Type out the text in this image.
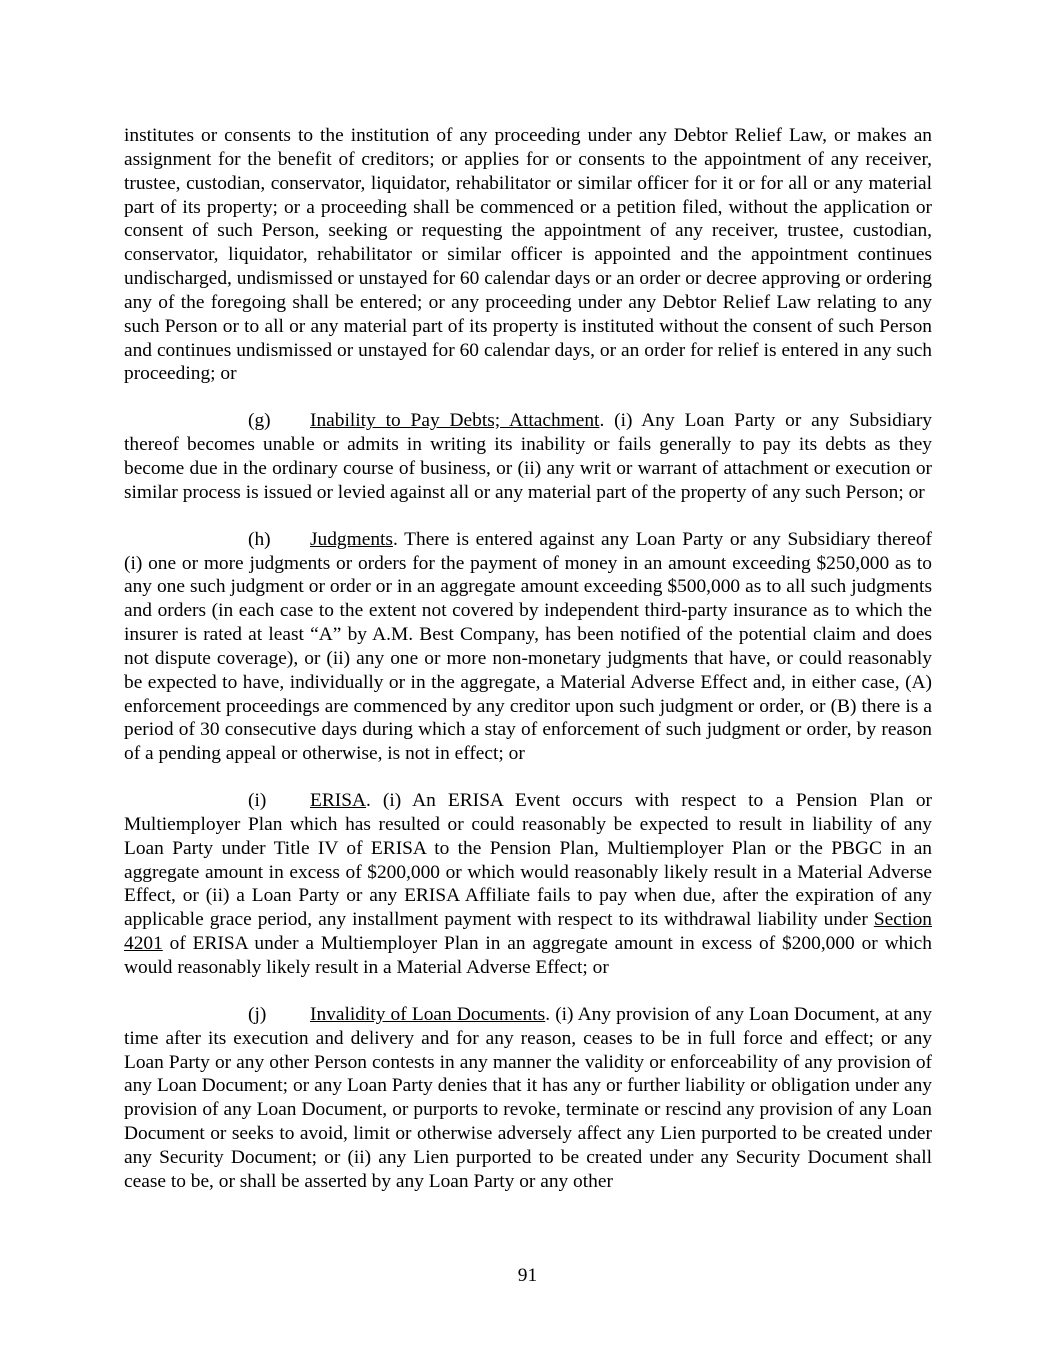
institutes or consents to the institution of any proceeding under any Debtor Relief Law, or makes an assignment for the benefit of creditors; or applies for or consents to the appointment of any receiver, trustee, custodian, conservator, liquidator, rehabilitator or similar officer for it or for all or any material part of its property; or a proceeding shall be commenced or a petition filed, without the application or consent of such Person, seeking or requesting the appointment of any receiver, trustee, custodian, conservator, liquidator, rehabilitator or similar officer is appointed and the appointment continues undischarged, undismissed or unstayed for 60 calendar days or an order or decree approving or ordering any of the foregoing shall be entered; or any proceeding under any Debtor Relief Law relating to any such Person or to all or any material part of its property is instituted without the consent of such Person and continues undismissed or unstayed for 60 calendar days, or an order for relief is entered in any such proceeding; or

(g) Inability to Pay Debts; Attachment. (i) Any Loan Party or any Subsidiary thereof becomes unable or admits in writing its inability or fails generally to pay its debts as they become due in the ordinary course of business, or (ii) any writ or warrant of attachment or execution or similar process is issued or levied against all or any material part of the property of any such Person; or

(h) Judgments. There is entered against any Loan Party or any Subsidiary thereof (i) one or more judgments or orders for the payment of money in an amount exceeding $250,000 as to any one such judgment or order or in an aggregate amount exceeding $500,000 as to all such judgments and orders (in each case to the extent not covered by independent third-party insurance as to which the insurer is rated at least “A” by A.M. Best Company, has been notified of the potential claim and does not dispute coverage), or (ii) any one or more non-monetary judgments that have, or could reasonably be expected to have, individually or in the aggregate, a Material Adverse Effect and, in either case, (A) enforcement proceedings are commenced by any creditor upon such judgment or order, or (B) there is a period of 30 consecutive days during which a stay of enforcement of such judgment or order, by reason of a pending appeal or otherwise, is not in effect; or

(i) ERISA. (i) An ERISA Event occurs with respect to a Pension Plan or Multiemployer Plan which has resulted or could reasonably be expected to result in liability of any Loan Party under Title IV of ERISA to the Pension Plan, Multiemployer Plan or the PBGC in an aggregate amount in excess of $200,000 or which would reasonably likely result in a Material Adverse Effect, or (ii) a Loan Party or any ERISA Affiliate fails to pay when due, after the expiration of any applicable grace period, any installment payment with respect to its withdrawal liability under Section 4201 of ERISA under a Multiemployer Plan in an aggregate amount in excess of $200,000 or which would reasonably likely result in a Material Adverse Effect; or

(j) Invalidity of Loan Documents. (i) Any provision of any Loan Document, at any time after its execution and delivery and for any reason, ceases to be in full force and effect; or any Loan Party or any other Person contests in any manner the validity or enforceability of any provision of any Loan Document; or any Loan Party denies that it has any or further liability or obligation under any provision of any Loan Document, or purports to revoke, terminate or rescind any provision of any Loan Document or seeks to avoid, limit or otherwise adversely affect any Lien purported to be created under any Security Document; or (ii) any Lien purported to be created under any Security Document shall cease to be, or shall be asserted by any Loan Party or any other

91
